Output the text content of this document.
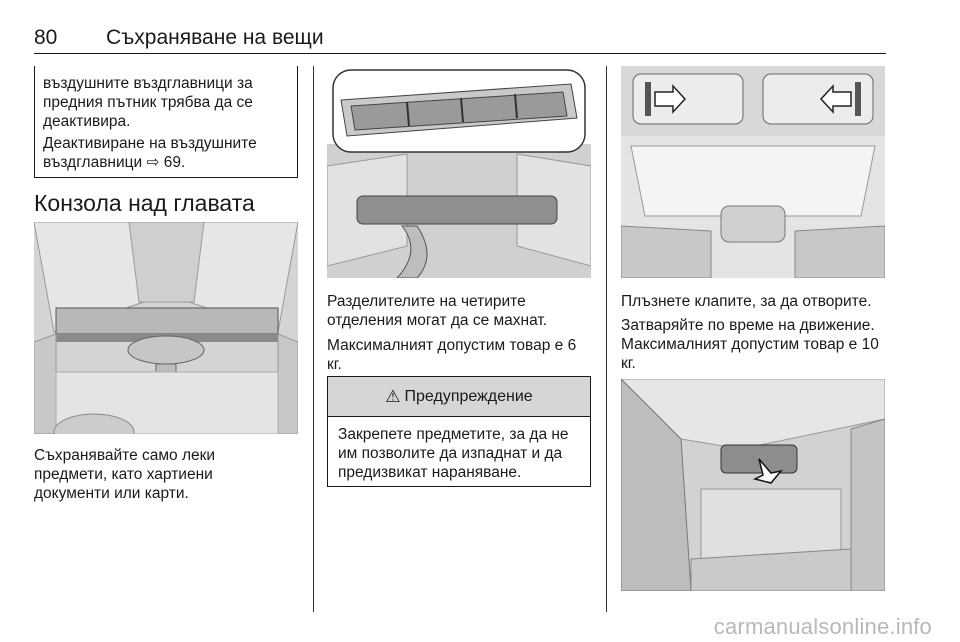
80 Съхраняване на вещи
въздушните въздглавници за предния пътник трябва да се деактивира.
Деактивиране на въздушните въздглавници ⇨ 69.
Конзола над главата
Съхранявайте само леки предмети, като хартиени документи или карти.
Разделителите на четирите отделения могат да се махнат.
Максималният допустим товар е 6 кг.
⚠ Предупреждение
Закрепете предметите, за да не им позволите да изпаднат и да предизвикат нараняване.
Плъзнете клапите, за да отворите.
Затваряйте по време на движение. Максималният допустим товар е 10 кг.
carmanualsonline.info
